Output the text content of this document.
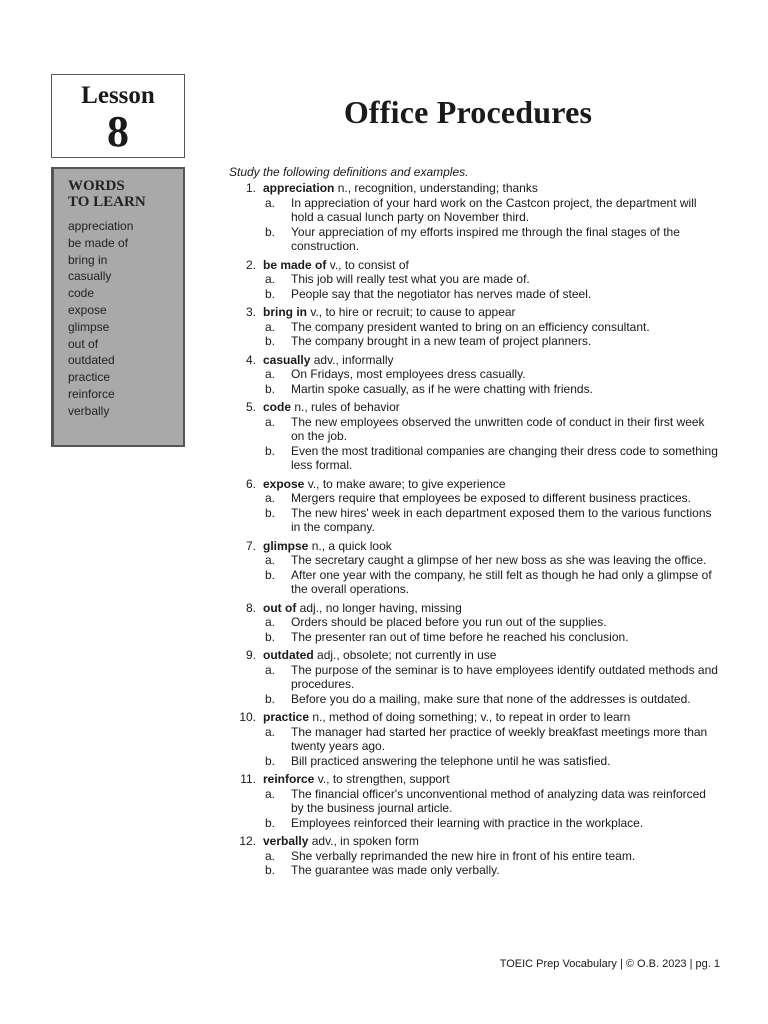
Lesson
8	Office Procedures
WORDS
TO LEARN
appreciation
be made of
bring in
casually
code
expose
glimpse
out of
outdated
practice
reinforce
verbally

Study the following definitions and examples.

1. appreciation n., recognition, understanding; thanks
a. In appreciation of your hard work on the Castcon project, the department will hold a casual lunch party on November third.
b. Your appreciation of my efforts inspired me through the final stages of the construction.
2. be made of v., to consist of
a. This job will really test what you are made of.
b. People say that the negotiator has nerves made of steel.
3. bring in v., to hire or recruit; to cause to appear
a. The company president wanted to bring on an efficiency consultant.
b. The company brought in a new team of project planners.
4. casually adv., informally
a. On Fridays, most employees dress casually.
b. Martin spoke casually, as if he were chatting with friends.
5. code n., rules of behavior
a. The new employees observed the unwritten code of conduct in their first week on the job.
b. Even the most traditional companies are changing their dress code to something less formal.
6. expose v., to make aware; to give experience
a. Mergers require that employees be exposed to different business practices.
b. The new hires' week in each department exposed them to the various functions in the company.
7. glimpse n., a quick look
a. The secretary caught a glimpse of her new boss as she was leaving the office.
b. After one year with the company, he still felt as though he had only a glimpse of the overall operations.
8. out of adj., no longer having, missing
a. Orders should be placed before you run out of the supplies.
b. The presenter ran out of time before he reached his conclusion.
9. outdated adj., obsolete; not currently in use
a. The purpose of the seminar is to have employees identify outdated methods and procedures.
b. Before you do a mailing, make sure that none of the addresses is outdated.
10. practice n., method of doing something; v., to repeat in order to learn
a. The manager had started her practice of weekly breakfast meetings more than twenty years ago.
b. Bill practiced answering the telephone until he was satisfied.
11. reinforce v., to strengthen, support
a. The financial officer's unconventional method of analyzing data was reinforced by the business journal article.
b. Employees reinforced their learning with practice in the workplace.
12. verbally adv., in spoken form
a. She verbally reprimanded the new hire in front of his entire team.
b. The guarantee was made only verbally.
TOEIC Prep Vocabulary | © O.B. 2023 | pg. 1
